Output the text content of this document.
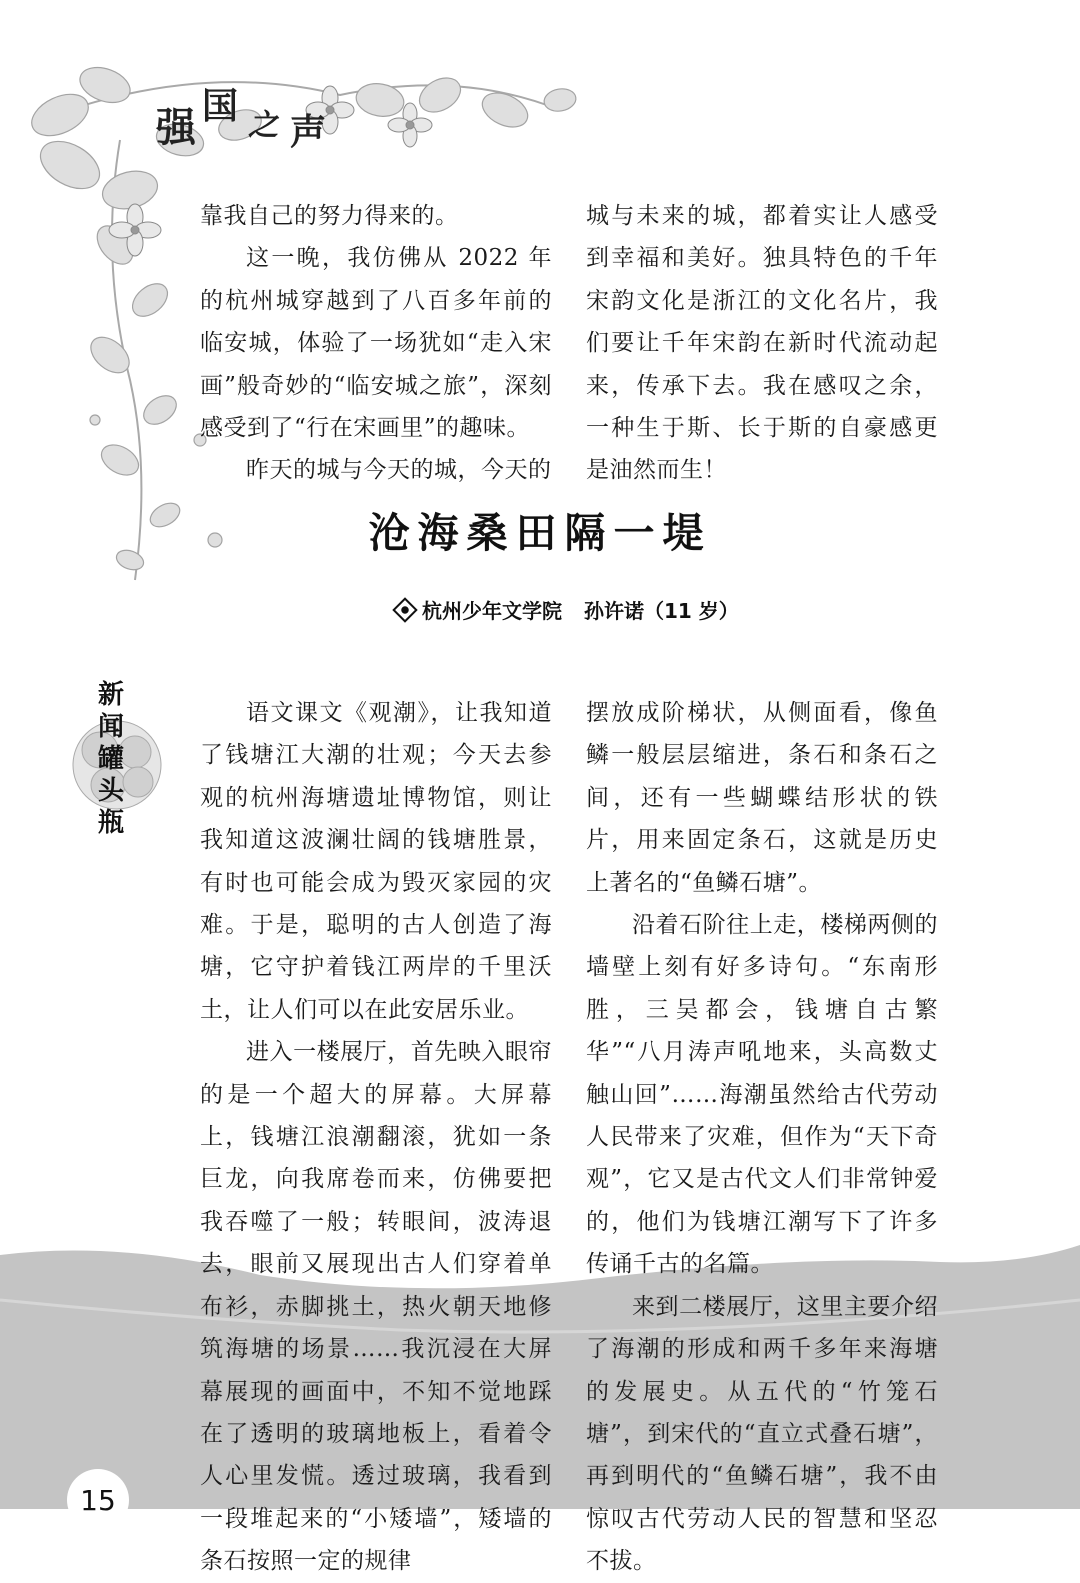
强 国 之 声

靠我自己的努力得来的。

这一晚，我仿佛从 2022 年的杭州城穿越到了八百多年前的临安城，体验了一场犹如“走入宋画”般奇妙的“临安城之旅”，深刻感受到了“行在宋画里”的趣味。

昨天的城与今天的城，今天的

城与未来的城，都着实让人感受到幸福和美好。独具特色的千年宋韵文化是浙江的文化名片，我们要让千年宋韵在新时代流动起来，传承下去。我在感叹之余，一种生于斯、长于斯的自豪感更是油然而生！

沧海桑田隔一堤
杭州少年文学院 孙许诺（11 岁）
新
闻
罐
头
瓶

语文课文《观潮》，让我知道了钱塘江大潮的壮观；今天去参观的杭州海塘遗址博物馆，则让我知道这波澜壮阔的钱塘胜景，有时也可能会成为毁灭家园的灾难。于是，聪明的古人创造了海塘，它守护着钱江两岸的千里沃土，让人们可以在此安居乐业。

进入一楼展厅，首先映入眼帘的是一个超大的屏幕。大屏幕上，钱塘江浪潮翻滚，犹如一条巨龙，向我席卷而来，仿佛要把我吞噬了一般；转眼间，波涛退去，眼前又展现出古人们穿着单布衫，赤脚挑土，热火朝天地修筑海塘的场景……我沉浸在大屏幕展现的画面中，不知不觉地踩在了透明的玻璃地板上，看着令人心里发慌。透过玻璃，我看到一段堆起来的“小矮墙”，矮墙的条石按照一定的规律

摆放成阶梯状，从侧面看，像鱼鳞一般层层缩进，条石和条石之间，还有一些蝴蝶结形状的铁片，用来固定条石，这就是历史上著名的“鱼鳞石塘”。

沿着石阶往上走，楼梯两侧的墙壁上刻有好多诗句。“东南形胜，三吴都会，钱塘自古繁华”“八月涛声吼地来，头高数丈触山回”……海潮虽然给古代劳动人民带来了灾难，但作为“天下奇观”，它又是古代文人们非常钟爱的，他们为钱塘江潮写下了许多传诵千古的名篇。

来到二楼展厅，这里主要介绍了海潮的形成和两千多年来海塘的发展史。从五代的“竹笼石塘”，到宋代的“直立式叠石塘”，再到明代的“鱼鳞石塘”，我不由惊叹古代劳动人民的智慧和坚忍不拔。

15
